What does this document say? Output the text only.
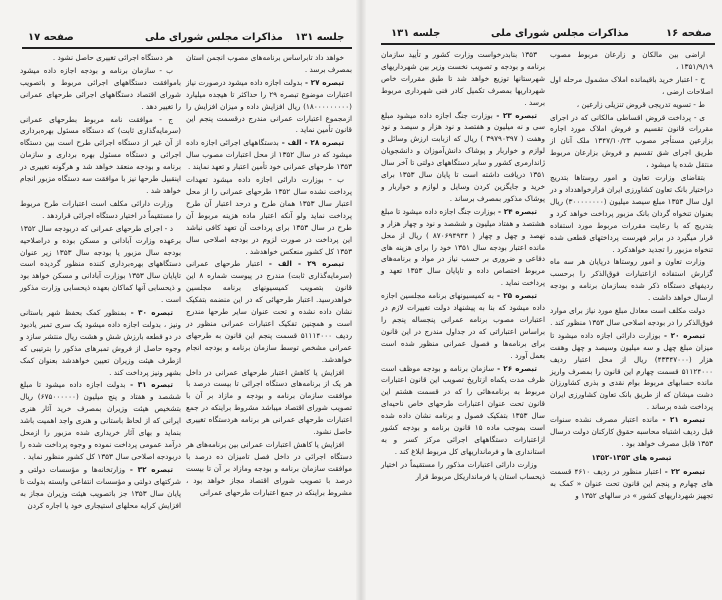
صفحه ۱۷	مذاکرات مجلس شورای ملی جلسه ۱۳۱

خواهد داد تابراساس برنامه‌های مصوب انجمن استان بمصرف برسد .

تبصره ۲۷ - بدولت اجازه داده میشود درصورت نیاز اعتبارات موضوع تبصره ۲۹ را حداکثر تا هیجده میلیارد (۱۸۰۰۰۰۰۰۰۰۰) ریال افزایش داده و میزان افزایش را ازمجموع اعتبارات عمرانی مندرج درقسمت پنجم این قانون تأمین نماید .

تبصره ۲۸ - الف - بدستگاههای اجرائی اجازه داده میشود که در سال ۱۳۵۲ از محل اعتبارات مصوب سال ۱۳۵۳ طرحهای عمرانی خود تأمین اعتبار و تعهد نمایند .

ب - بوزارت دارائی اجازه داده میشود تعهدات پرداخت نشده سال ۱۳۵۲ طرحهای عمرانی را از محل اعتبار سال ۱۳۵۳ همان طرح و درحد اعتبار آن طرح پرداخت نماید ولو آنکه اعتبار ماده هزینه مربوط آن طرح در سال ۱۳۵۳ برای پرداخت آن تعهد کافی نباشد این پرداخت در صورت لزوم در بودجه اصلاحی سال ۱۳۵۳ کل کشور منعکس خواهدشد .

تبصره ۲۹ - الف - اعتبار طرحهای عمرانی (سرمایه‌گذاری ثابت) مندرج در پیوست شماره ۸ این قانون بتصویب کمیسیونهای برنامه مجلسین خواهدرسید. اعتبار طرحهائی که در این منضمه بتفکیک نشان داده نشده و تحت عنوان سایر طرحها مندرج است و همچنین تفکیک اعتبارات عمرانی منظور در ردیف ۵۱۱۱۴۰۰۰ قسمت پنجم این قانون به طرحهای عمرانی مشخص توسط سازمان برنامه و بودجه انجام خواهدشد.

افزایش یا کاهش اعتبار طرحهای عمرانی در داخل هر یک از برنامه‌های دستگاه اجرائی تا بیست درصد با موافقت سازمان برنامه و بودجه و مازاد بر آن با تصویب شورای اقتصاد میباشد مشروط براینکه در جمع اعتبارات طرحهای عمرانی هر برنامه هردستگاه تغییری حاصل نشود.

افزایش یا کاهش اعتبارات عمرانی بین برنامه‌های هر دستگاه اجرائی در داخل فصل تامیزان ده درصد با موافقت سازمان برنامه و بودجه ومازاد بر آن تا بیست درصد با تصویب شورای اقتصاد مجاز خواهد بود ، مشروط براینکه در جمع اعتبارات طرحهای عمرانی

هر دستگاه اجرائی تغییری حاصل نشود .

ب - سازمان برنامه و بودجه اجازه داده میشود باموافقت دستگاههای اجرائی مربوط و باتصویب شورای اقتصاد دستگاههای اجرائی طرحهای عمرانی را تغییر دهد .

ج - موافقت نامه مربوط بطرحهای عمرانی (سرمایه‌گذاری ثابت) که دستگاه مسئول بهره‌برداری از آن غیر از دستگاه اجرائی طرح است بین دستگاه اجرائی و دستگاه مسئول بهره برداری و سازمان برنامه و بودجه منعقد خواهد شد و هرگونه تغییری در اینقبیل طرحها نیز با موافقت سه دستگاه مزبور انجام خواهد شد .

وزارت دارائی مکلف است اعتبارات طرح مربوط را مستقیماً در اختیار دستگاه اجرائی قراردهد .

د - اجرای طرحهای عمرانی که دربودجه سال ۱۳۵۲ برعهده وزارت آبادانی و مسکن بوده و دراصلاحیه بودجه سال مزبور یا بودجه سال ۱۳۵۳ زیر عنوان دستگاههای بهره‌برداری کننده منظور گردیده است تاپایان سال ۱۳۵۳ بوزارت آبادانی و مسکن خواهد بود و ذیحسابی آنها کماکان بعهده ذیحسابی وزارت مذکور است .

تبصره ۳۰ - بمنظور کمک بحفظ شهر باستانی ونیز ، بدولت اجازه داده میشود یک سری تمبر یادبود در دو قطعه بارزش شش و هشت ریال منتشر سازد و وجوه حاصل از فروش تمبرهای مذکور را بترتیبی که ازطرف هیئت وزیران تعیین خواهدشد بعنوان کمک بشهر ونیز پرداخت کند .

تبصره ۳۱ - بدولت اجازه داده میشود تا مبلغ ششصد و هفتاد و پنج میلیون (۶۷۵۰۰۰۰۰۰) ریال بتشخیص هیئت وزیران بمصرف خرید آثار هنری ایرانی که از لحاظ باستانی و هنری واجد اهمیت باشد بنماید و بهای آثار خریداری شده مزبور را ازمحل درآمد عمومی پرداخت نموده و وجوه پرداخت شده را دربودجه اصلاحی سال ۱۳۵۳ کل کشور منظور نماید .

تبصره ۳۲ - وزارتخانه‌ها و مؤسسات دولتی و شرکتهای دولتی و مؤسسات انتفاعی وابسته بدولت تا پایان سال ۱۳۵۳ جز باتصویب هیئت وزیران مجاز به افزایش کرایه محلهای استیجاری خود یا اجاره کردن

جلسه ۱۳۱	مذاکرات مجلس شورای ملی	صفحه ۱۶

اراضی بین مالکان و زارعان مربوط مصوب ۱۳۵۱/۹/۱۹ ،

ح - اعتبار خرید باقیمانده املاک مشمول مرحله اول اصلاحات ارضی ،

ط - تسویه تدریجی قروض تنزیلی زارعین ،

ی - پرداخت قروض اقساطی مالکانی که در اجرای مقررات قانون تقسیم و فروش املاک مورد اجاره بزارعین مستأجر مصوب ۱۳۴۷/۱۰/۲۳ ملک آنان از طریق اجرای شق تقسیم و فروش بزارعان مربوط منتقل شده یا میشود ،

بتقاضای وزارت تعاون و امور روستاها بتدریج دراختیار بانک تعاون کشاورزی ایران قرارخواهدداد و در اول سال ۱۳۵۳ مبلغ سیصد میلیون (۳۰۰۰۰۰۰۰۰) ریال بعنوان تنخواه گردان بانک مزبور پرداخت خواهد کرد و بتدریج که با رعایت مقررات مربوط مورد استفاده قرار میگیرد در برابر فهرست پرداختهای قطعی شده تنخواه مزبور را تجدید خواهدکرد .

وزارت تعاون و امور روستاها درپایان هر سه ماه گزارش استفاده ازاعتبارات فوق‌الذکر را برحسب ردیفهای دستگاه ذکر شده بسازمان برنامه و بودجه ارسال خواهد داشت .

دولت مکلف است معادل مبلغ مورد نیاز برای موارد فوق‌الذکر را در بودجه اصلاحی سال ۱۳۵۳ منظور کند .

تبصره ۲۰ - بوزارت دارائی اجازه داده میشود تا میزان مبلغ چهل و سه میلیون وسیصد و چهل وهفت هزار (۴۳۳۴۷۰۰۰) ریال از محل اعتبار ردیف ۵۱۱۲۴۰۰۰ قسمت چهارم این قانون را بمصرف واریز مانده حسابهای مربوط بوام نقدی و بذری کشاورزان دشت میشان که از طریق بانک تعاون کشاورزی ایران پرداخت شده برساند .

تبصره ۲۱ - مانده اعتبار مصرف نشده سنوات قبل ردیف اشتباه محاسبه حقوق کارکنان دولت درسال ۱۳۵۳ قابل مصرف خواهد بود .

تبصره های ۱۳۵۳-۱۳۵۲

تبصره ۲۲ - اعتبار منظور در ردیف ۴۶۱۰ قسمت های چهارم و پنجم این قانون تحت عنوان « کمک به تجهیز شهرداریهای کشور » در سالهای ۱۳۵۲ و

۱۳۵۳ بنابدرخواست وزارت کشور و تأیید سازمان برنامه و بودجه و تصویب نخست وزیر بین شهرداریهای شهرستانها توزیع خواهد شد تا طبق مقررات خاص شهرداریها بمصرف تکمیل کادر فنی شهرداری مربوط برسد .

تبصره ۲۳ - بوزارت جنگ اجازه داده میشود مبلغ سی و نه میلیون و هفتصد و نود هزار و سیصد و نود وهفت ( ۳۹۷۹۰۳۹۷ ) ریال که ازبابت ارزش وسائل و لوازم و خواربار و پوشاک دانش‌آموزان و دانشجویان ژاندارمری کشور و سایر دستگاههای دولتی تا آخر سال ۱۳۵۱ دریافت داشته است تا پایان سال ۱۳۵۳ برای خرید و جایگزین کردن وسایل و لوازم و خواربار و پوشاک مذکور بمصرف برساند .

تبصره ۲۴ - بوزارت جنگ اجازه داده میشود تا مبلغ هشتصد و هفتاد میلیون و ششصد و نود و چهار هزار و نهصد و چهل و چهار ( ۸۷۰۶۹۴۹۴۴ ) ریال از محل مانده اعتبار بودجه سال ۱۳۵۱ خود را برای هزینه های دفاعی و ضروری بر حسب نیاز در مواد و برنامه‌های مربوط اختصاص داده و تاپایان سال ۱۳۵۳ تعهد و پرداخت نماید .

تبصره ۲۵ - به کمیسیونهای برنامه مجلسین اجازه داده میشود که بنا به پیشنهاد دولت تغییرات لازم در اعتبارات مصوب برنامه عمرانی پنجساله پنجم را براساس اعتباراتی که در جداول مندرج در این قانون برای برنامه‌ها و فصول عمرانی منظور شده است بعمل آورد .

تبصره ۲۶ - سازمان برنامه و بودجه موظف است ظرف مدت یکماه ازتاریخ تصویب این قانون اعتبارات مربوط به برنامه‌هائی را که در قسمت هشتم این قانون تحت عنوان اعتبارات طرحهای خاص ناحیه‌ای سال ۱۳۵۳ بتفکیک فصول و برنامه نشان داده شده است بموجب ماده ۱۵ قانون برنامه و بودجه کشور ازاعتبارات دستگاههای اجرائی مرکز کسر و به استانداری ها و فرمانداریهای کل مربوط ابلاغ کند .

وزارت دارائی اعتبارات مذکور را مستقیماً در اختیار ذیحساب استان یا فرمانداریکل مربوط قرار
